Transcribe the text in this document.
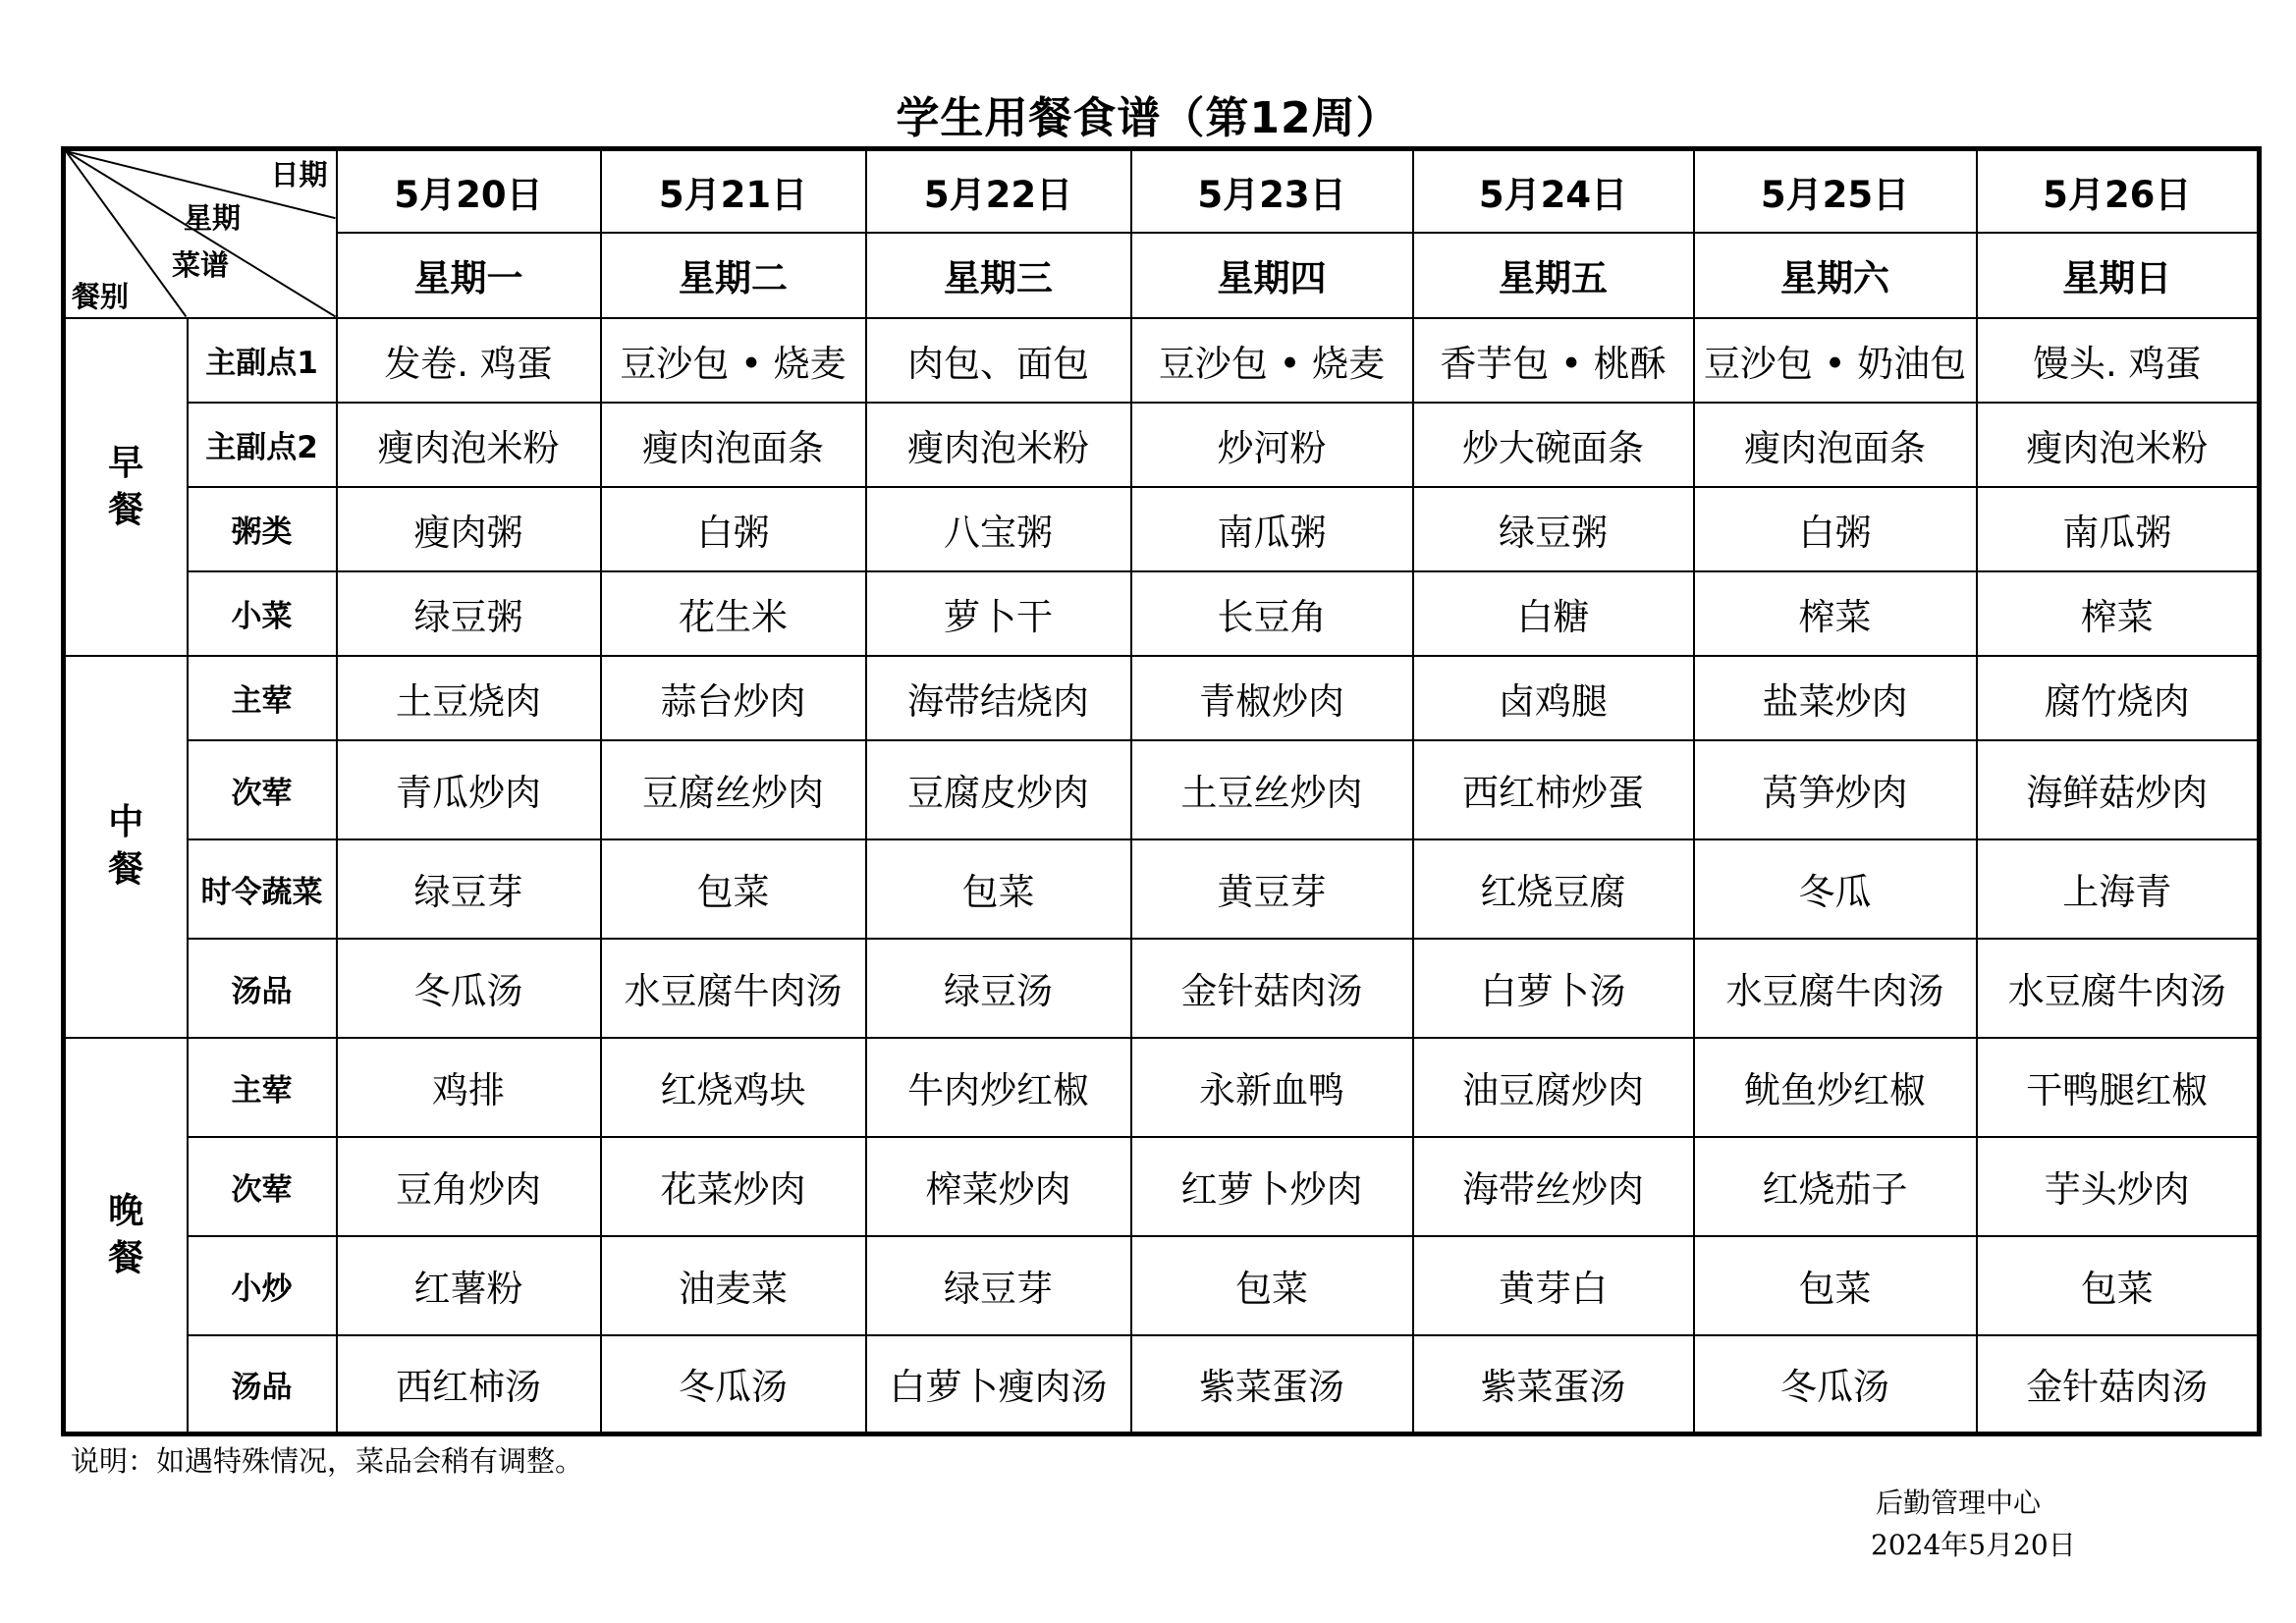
学生用餐食谱（第12周）
日期
星期
菜谱
餐别		5月20日	5月21日	5月22日	5月23日	5月24日	5月25日	5月26日
		星期一	星期二	星期三	星期四	星期五	星期六	星期日
早餐	主副点1	发卷. 鸡蛋	豆沙包 • 烧麦	肉包、面包	豆沙包 • 烧麦	香芋包 • 桃酥	豆沙包 • 奶油包	馒头. 鸡蛋
	主副点2	瘦肉泡米粉	瘦肉泡面条	瘦肉泡米粉	炒河粉	炒大碗面条	瘦肉泡面条	瘦肉泡米粉
	粥类	瘦肉粥	白粥	八宝粥	南瓜粥	绿豆粥	白粥	南瓜粥
	小菜	绿豆粥	花生米	萝卜干	长豆角	白糖	榨菜	榨菜
中餐	主荤	土豆烧肉	蒜台炒肉	海带结烧肉	青椒炒肉	卤鸡腿	盐菜炒肉	腐竹烧肉
	次荤	青瓜炒肉	豆腐丝炒肉	豆腐皮炒肉	土豆丝炒肉	西红柿炒蛋	莴笋炒肉	海鲜菇炒肉
	时令蔬菜	绿豆芽	包菜	包菜	黄豆芽	红烧豆腐	冬瓜	上海青
	汤品	冬瓜汤	水豆腐牛肉汤	绿豆汤	金针菇肉汤	白萝卜汤	水豆腐牛肉汤	水豆腐牛肉汤
晚餐	主荤	鸡排	红烧鸡块	牛肉炒红椒	永新血鸭	油豆腐炒肉	鱿鱼炒红椒	干鸭腿红椒
	次荤	豆角炒肉	花菜炒肉	榨菜炒肉	红萝卜炒肉	海带丝炒肉	红烧茄子	芋头炒肉
	小炒	红薯粉	油麦菜	绿豆芽	包菜	黄芽白	包菜	包菜
	汤品	西红柿汤	冬瓜汤	白萝卜瘦肉汤	紫菜蛋汤	紫菜蛋汤	冬瓜汤	金针菇肉汤
说明：如遇特殊情况，菜品会稍有调整。
后勤管理中心
2024年5月20日
